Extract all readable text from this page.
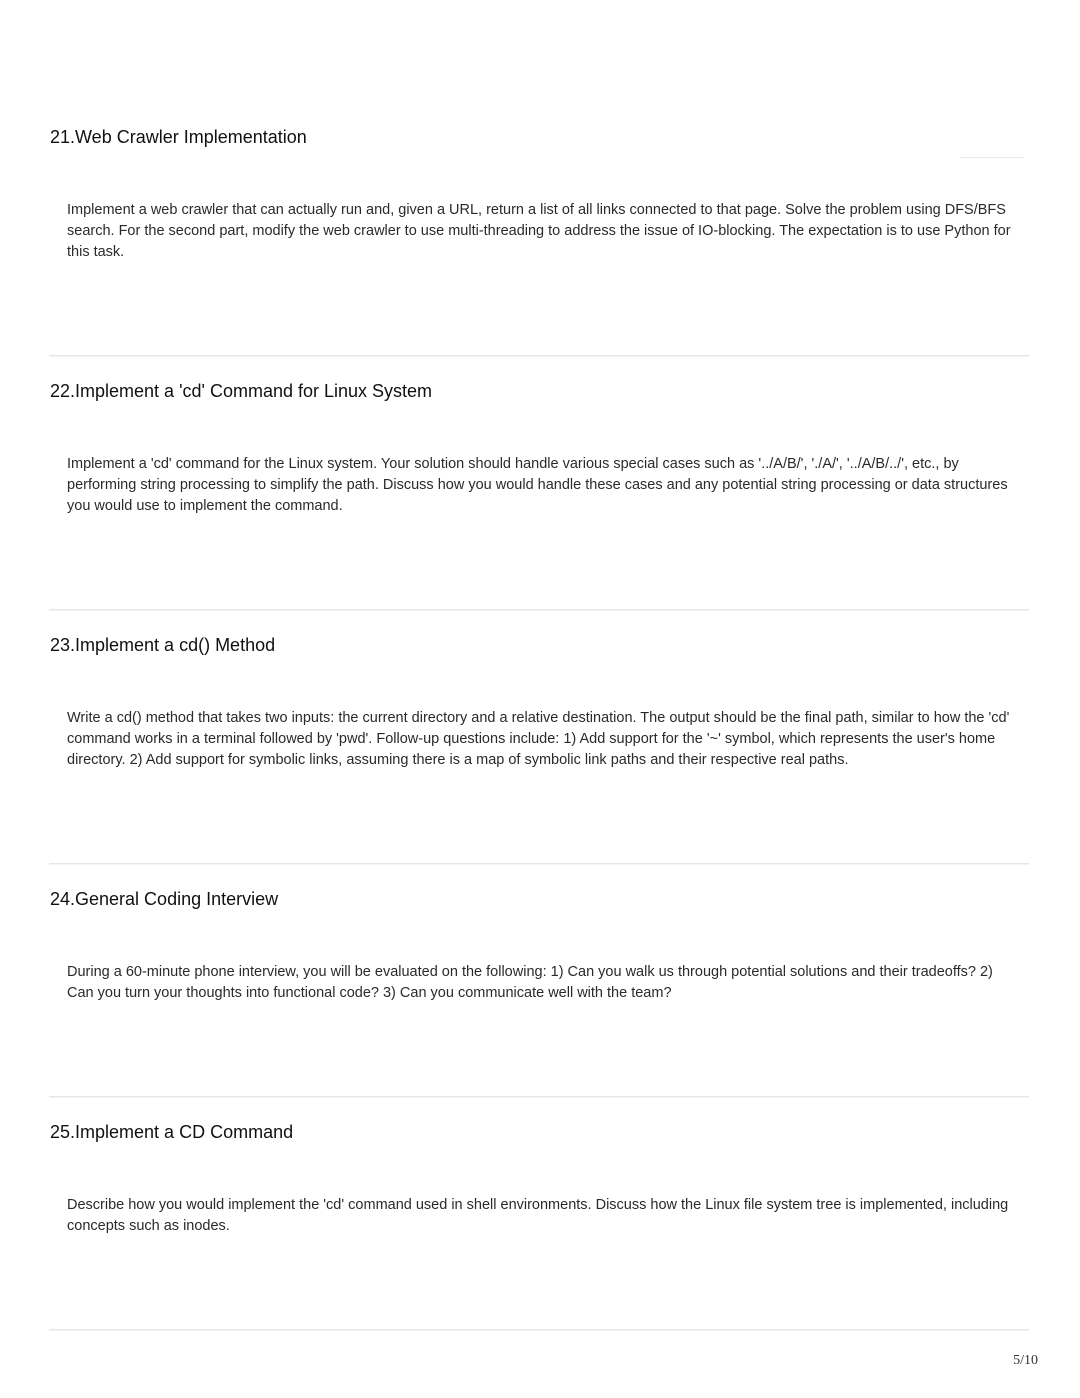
21.Web Crawler Implementation

Implement a web crawler that can actually run and, given a URL, return a list of all links connected to that page. Solve the problem using DFS/BFS search. For the second part, modify the web crawler to use multi-threading to address the issue of IO-blocking. The expectation is to use Python for this task.

22.Implement a 'cd' Command for Linux System

Implement a 'cd' command for the Linux system. Your solution should handle various special cases such as '../A/B/', './A/', '../A/B/../', etc., by performing string processing to simplify the path. Discuss how you would handle these cases and any potential string processing or data structures you would use to implement the command.

23.Implement a cd() Method

Write a cd() method that takes two inputs: the current directory and a relative destination. The output should be the final path, similar to how the 'cd' command works in a terminal followed by 'pwd'. Follow-up questions include: 1) Add support for the '~' symbol, which represents the user's home directory. 2) Add support for symbolic links, assuming there is a map of symbolic link paths and their respective real paths.

24.General Coding Interview

During a 60-minute phone interview, you will be evaluated on the following: 1) Can you walk us through potential solutions and their tradeoffs? 2) Can you turn your thoughts into functional code? 3) Can you communicate well with the team?

25.Implement a CD Command

Describe how you would implement the 'cd' command used in shell environments. Discuss how the Linux file system tree is implemented, including concepts such as inodes.

5/10
